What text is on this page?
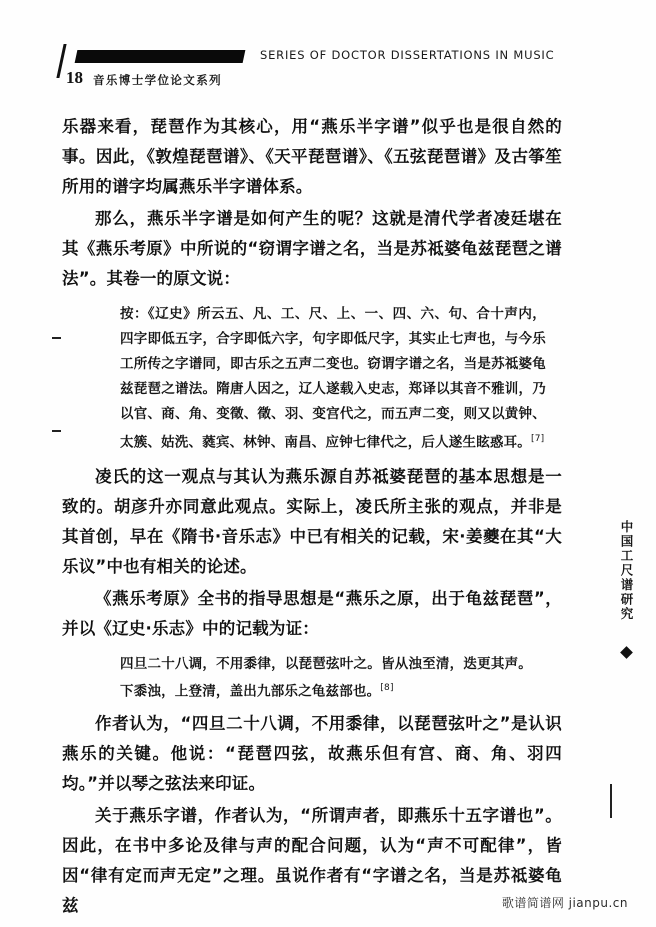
SERIES OF DOCTOR DISSERTATIONS IN MUSIC
18 音乐博士学位论文系列

乐器来看，琵琶作为其核心，用“燕乐半字谱”似乎也是很自然的事。因此，《敦煌琵琶谱》、《天平琵琶谱》、《五弦琵琶谱》及古筝笙所用的谱字均属燕乐半字谱体系。

那么，燕乐半字谱是如何产生的呢？这就是清代学者凌廷堪在其《燕乐考原》中所说的“窃谓字谱之名，当是苏祗婆龟兹琵琶之谱法”。其卷一的原文说：

按：《辽史》所云五、凡、工、尺、上、一、四、六、句、合十声内，四字即低五字，合字即低六字，句字即低尺字，其实止七声也，与今乐工所传之字谱同，即古乐之五声二变也。窃谓字谱之名，当是苏祗婆龟兹琵琶之谱法。隋唐人因之，辽人遂载入史志，郑译以其音不雅训，乃以官、商、角、变徵、徵、羽、变宫代之，而五声二变，则又以黄钟、太簇、姑洗、蕤宾、林钟、南昌、应钟七律代之，后人遂生眩惑耳。[7]

凌氏的这一观点与其认为燕乐源自苏祗婆琵琶的基本思想是一致的。胡彦升亦同意此观点。实际上，凌氏所主张的观点，并非是其首创，早在《隋书·音乐志》中已有相关的记载，宋·姜夔在其“大乐议”中也有相关的论述。

《燕乐考原》全书的指导思想是“燕乐之原，出于龟兹琵琶”，并以《辽史·乐志》中的记载为证：

四旦二十八调，不用黍律，以琵琶弦叶之。皆从浊至清，迭更其声。下黍浊，上登清，盖出九部乐之龟兹部也。[8]

作者认为，“四旦二十八调，不用黍律，以琵琶弦叶之”是认识燕乐的关键。他说：“琵琶四弦，故燕乐但有宫、商、角、羽四均。”并以琴之弦法来印证。

关于燕乐字谱，作者认为，“所谓声者，即燕乐十五字谱也”。因此，在书中多论及律与声的配合问题，认为“声不可配律”，皆因“律有定而声无定”之理。虽说作者有“字谱之名，当是苏祗婆龟兹

中国工尺谱研究
歌谱简谱网 jianpu.cn
